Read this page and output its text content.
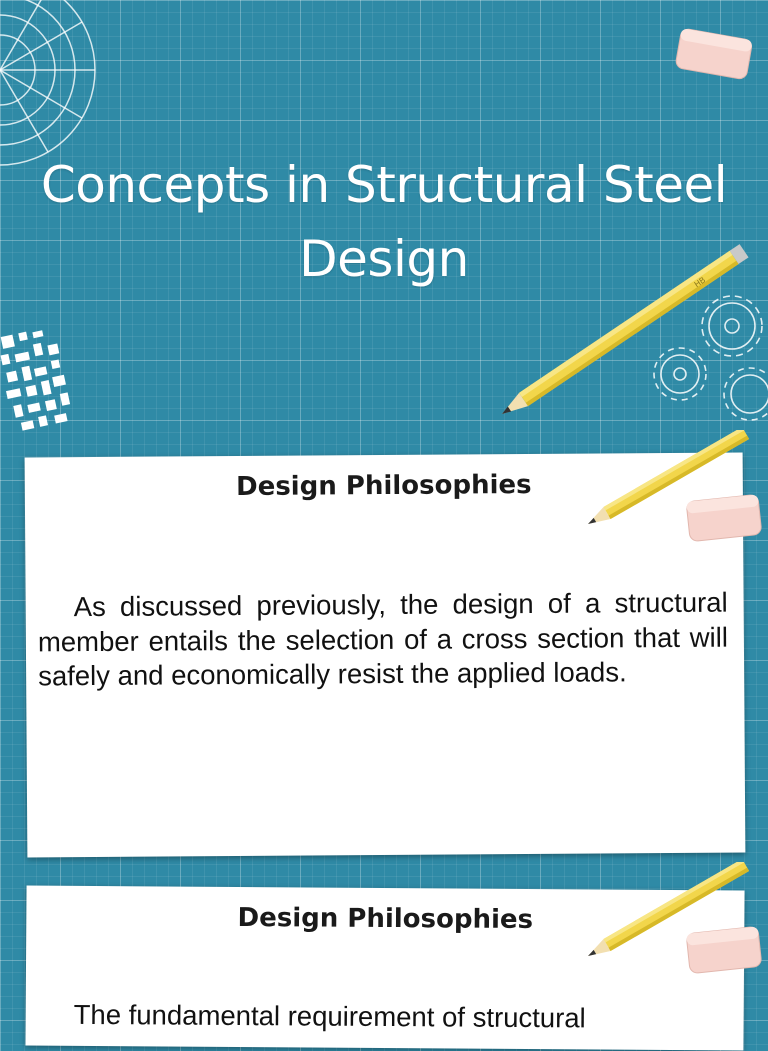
Concepts in Structural Steel Design	HB
Design Philosophies

As discussed previously, the design of a structural member entails the selection of a cross section that will safely and economically resist the applied loads.

Design Philosophies

The fundamental requirement of structural
